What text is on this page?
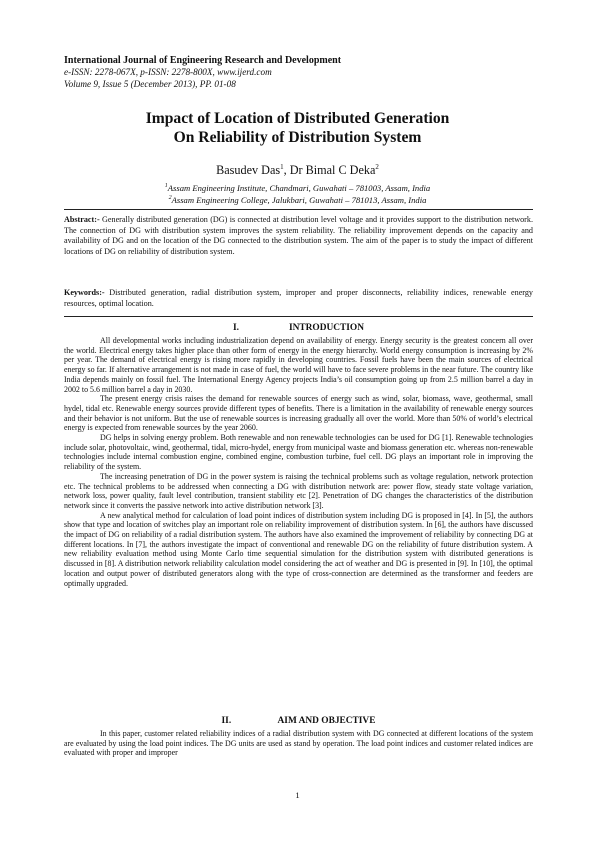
International Journal of Engineering Research and Development
e-ISSN: 2278-067X, p-ISSN: 2278-800X, www.ijerd.com
Volume 9, Issue 5 (December 2013), PP. 01-08
Impact of Location of Distributed Generation
On Reliability of Distribution System
Basudev Das$^1$, Dr Bimal C Deka$^2$
$^1$Assam Engineering Institute, Chandmari, Guwahati – 781003, Assam, India
$^2$Assam Engineering College, Jalukbari, Guwahati – 781013, Assam, India
Abstract:- Generally distributed generation (DG) is connected at distribution level voltage and it provides support to the distribution network. The connection of DG with distribution system improves the system reliability. The reliability improvement depends on the capacity and availability of DG and on the location of the DG connected to the distribution system. The aim of the paper is to study the impact of different locations of DG on reliability of distribution system.
Keywords:- Distributed generation, radial distribution system, improper and proper disconnects, reliability indices, renewable energy resources, optimal location.
I.	INTRODUCTION

All developmental works including industrialization depend on availability of energy. Energy security is the greatest concern all over the world. Electrical energy takes higher place than other form of energy in the energy hierarchy. World energy consumption is increasing by 2% per year. The demand of electrical energy is rising more rapidly in developing countries. Fossil fuels have been the main sources of electrical energy so far. If alternative arrangement is not made in case of fuel, the world will have to face severe problems in the near future. The country like India depends mainly on fossil fuel. The International Energy Agency projects India’s oil consumption going up from 2.5 million barrel a day in 2002 to 5.6 million barrel a day in 2030.

The present energy crisis raises the demand for renewable sources of energy such as wind, solar, biomass, wave, geothermal, small hydel, tidal etc. Renewable energy sources provide different types of benefits. There is a limitation in the availability of renewable energy sources and their behavior is not uniform. But the use of renewable sources is increasing gradually all over the world. More than 50% of world’s electrical energy is expected from renewable sources by the year 2060.

DG helps in solving energy problem. Both renewable and non renewable technologies can be used for DG [1]. Renewable technologies include solar, photovoltaic, wind, geothermal, tidal, micro-hydel, energy from municipal waste and biomass generation etc. whereas non-renewable technologies include internal combustion engine, combined engine, combustion turbine, fuel cell. DG plays an important role in improving the reliability of the system.

The increasing penetration of DG in the power system is raising the technical problems such as voltage regulation, network protection etc. The technical problems to be addressed when connecting a DG with distribution network are: power flow, steady state voltage variation, network loss, power quality, fault level contribution, transient stability etc [2]. Penetration of DG changes the characteristics of the distribution network since it converts the passive network into active distribution network [3].

A new analytical method for calculation of load point indices of distribution system including DG is proposed in [4]. In [5], the authors show that type and location of switches play an important role on reliability improvement of distribution system. In [6], the authors have discussed the impact of DG on reliability of a radial distribution system. The authors have also examined the improvement of reliability by connecting DG at different locations. In [7], the authors investigate the impact of conventional and renewable DG on the reliability of future distribution system. A new reliability evaluation method using Monte Carlo time sequential simulation for the distribution system with distributed generations is discussed in [8]. A distribution network reliability calculation model considering the act of weather and DG is presented in [9]. In [10], the optimal location and output power of distributed generators along with the type of cross-connection are determined as the transformer and feeders are optimally upgraded.

II.	AIM AND OBJECTIVE

In this paper, customer related reliability indices of a radial distribution system with DG connected at different locations of the system are evaluated by using the load point indices. The DG units are used as stand by operation. The load point indices and customer related indices are evaluated with proper and improper

1
